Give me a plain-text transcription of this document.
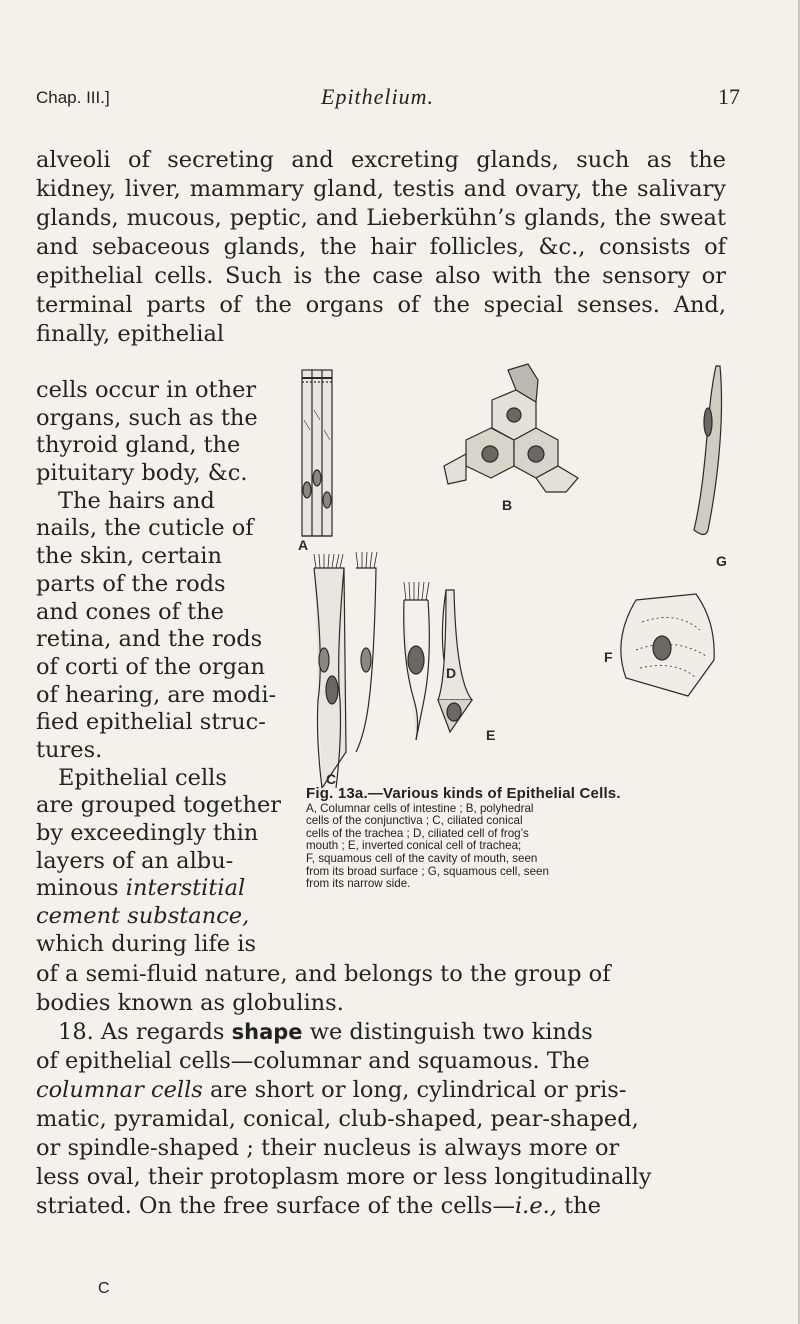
Chap. III.]	Epithelium.	17
alveoli of secreting and excreting glands, such as the kidney, liver, mammary gland, testis and ovary, the salivary glands, mucous, peptic, and Lieberkühn’s glands, the sweat and sebaceous glands, the hair follicles, &c., consists of epithelial cells. Such is the case also with the sensory or terminal parts of the organs of the special senses. And, finally, epithelial
cells occur in other
organs, such as the
thyroid gland, the
pituitary body, &c.
The hairs and
nails, the cuticle of
the skin, certain
parts of the rods
and cones of the
retina, and the rods
of corti of the organ
of hearing, are modi-
fied epithelial struc-
tures.
Epithelial cells
are grouped together
by exceedingly thin
layers of an albu-
minous interstitial
cement substance,
which during life is
A
B
C
D
E
F
G
Fig. 13a.—Various kinds of Epithelial Cells.
A, Columnar cells of intestine ; B, polyhedral
cells of the conjunctiva ; C, ciliated conical
cells of the trachea ; D, ciliated cell of frog’s
mouth ; E, inverted conical cell of trachea;
F, squamous cell of the cavity of mouth, seen
from its broad surface ; G, squamous cell, seen
from its narrow side.
of a semi-fluid nature, and belongs to the group of
bodies known as globulins.
18. As regards shape we distinguish two kinds
of epithelial cells—columnar and squamous. The
columnar cells are short or long, cylindrical or pris-
matic, pyramidal, conical, club-shaped, pear-shaped,
or spindle-shaped ; their nucleus is always more or
less oval, their protoplasm more or less longitudinally
striated. On the free surface of the cells—i.e., the
C
